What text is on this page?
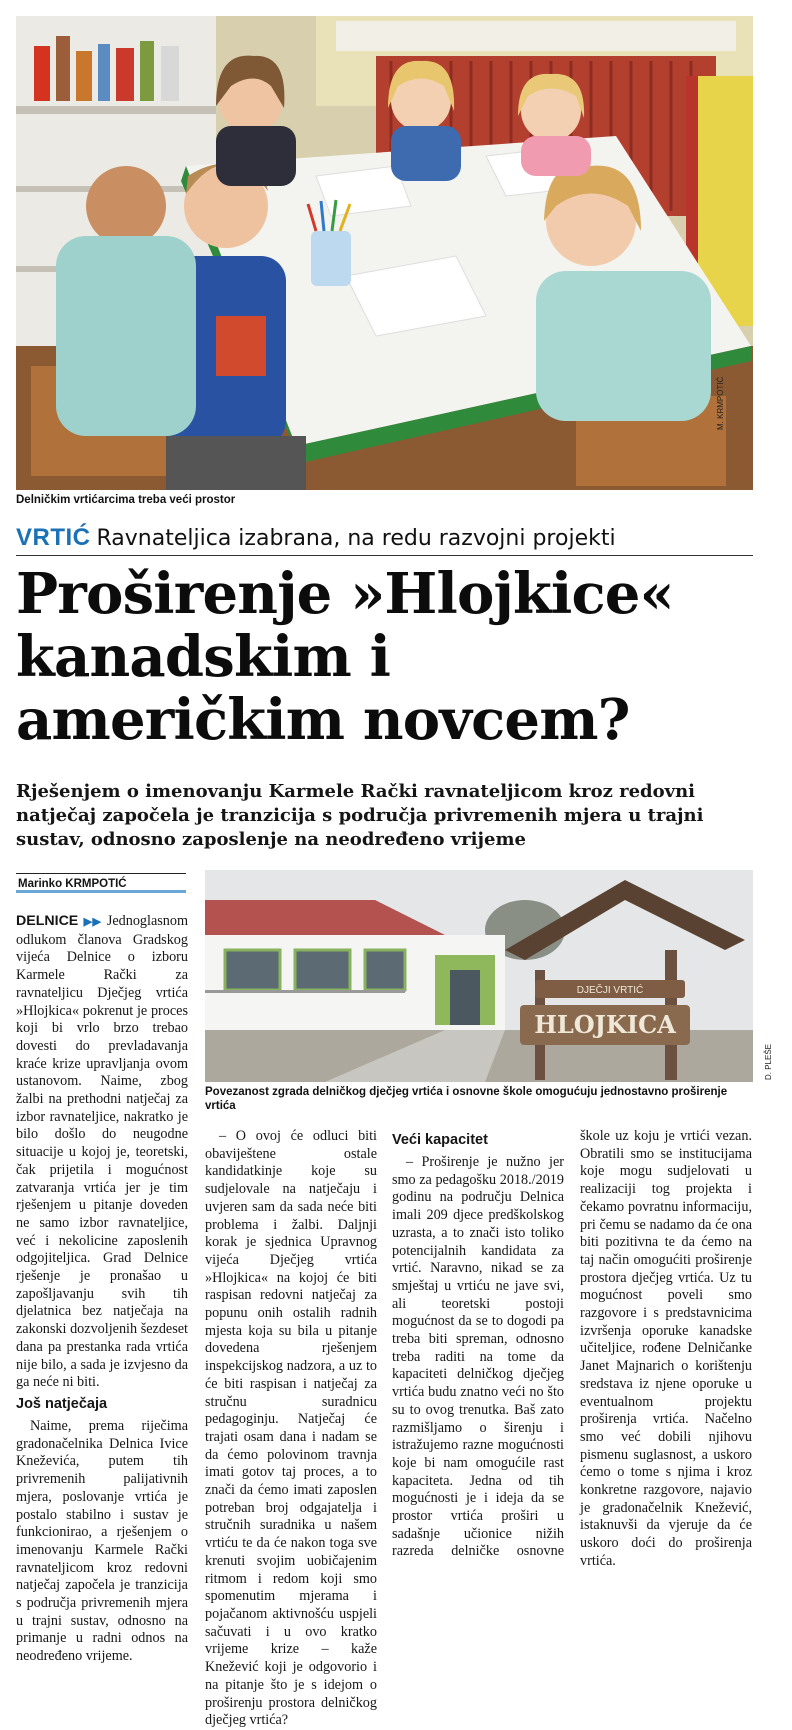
M. KRMPOTIĆ
Delničkim vrtićarcima treba veći prostor
VRTIĆ Ravnateljica izabrana, na redu razvojni projekti
Proširenje »Hlojkice«
kanadskim i
američkim novcem?
Rješenjem o imenovanju Karmele Rački ravnateljicom kroz redovni natječaj započela je tranzicija s područja privremenih mjera u trajni sustav, odnosno zaposlenje na neodređeno vrijeme
Marinko KRMPOTIĆ
DJEČJI VRTIĆ
HLOJKICA
D. PLEŠE
Povezanost zgrada delničkog dječjeg vrtića i osnovne škole omogućuju jednostavno proširenje vrtića

DELNICE ▶▶ Jednoglasnom odlukom članova Gradskog vijeća Delnice o izboru Karmele Rački za ravnateljicu Dječjeg vrtića »Hlojkica« pokrenut je proces koji bi vrlo brzo trebao dovesti do prevladavanja kraće krize upravljanja ovom ustanovom. Naime, zbog žalbi na prethodni natječaj za izbor ravnateljice, nakratko je bilo došlo do neugodne situacije u kojoj je, teoretski, čak prijetila i mogućnost zatvaranja vrtića jer je tim rješenjem u pitanje doveden ne samo izbor ravnateljice, već i nekolicine zaposlenih odgojiteljica. Grad Delnice rješenje je pronašao u zapošljavanju svih tih djelatnica bez natječaja na zakonski dozvoljenih šezdeset dana pa prestanka rada vrtića nije bilo, a sada je izvjesno da ga neće ni biti.

Još natječaja

Naime, prema riječima gradonačelnika Delnica Ivice Kneževića, putem tih privremenih palijativnih mjera, poslovanje vrtića je postalo stabilno i sustav je funkcionirao, a rješenjem o imenovanju Karmele Rački ravnateljicom kroz redovni natječaj započela je tranzicija s područja privremenih mjera u trajni sustav, odnosno na primanje u radni odnos na neodređeno vrijeme.

– O ovoj će odluci biti obaviještene ostale kandidatkinje koje su sudjelovale na natječaju i uvjeren sam da sada neće biti problema i žalbi. Daljnji korak je sjednica Upravnog vijeća Dječjeg vrtića »Hlojkica« na kojoj će biti raspisan redovni natječaj za popunu onih ostalih radnih mjesta koja su bila u pitanje dovedena rješenjem inspekcijskog nadzora, a uz to će biti raspisan i natječaj za stručnu suradnicu pedagoginju. Natječaj će trajati osam dana i nadam se da ćemo polovinom travnja imati gotov taj proces, a to znači da ćemo imati zaposlen potreban broj odgajatelja i stručnih suradnika u našem vrtiću te da će nakon toga sve krenuti svojim uobičajenim ritmom i redom koji smo spomenutim mjerama i pojačanom aktivnošću uspjeli sačuvati i u ovo kratko vrijeme krize – kaže Knežević koji je odgovorio i na pitanje što je s idejom o proširenju prostora delničkog dječjeg vrtića?

Veći kapacitet

– Proširenje je nužno jer smo za pedagošku 2018./2019 godinu na području Delnica imali 209 djece predškolskog uzrasta, a to znači isto toliko potencijalnih kandidata za vrtić. Naravno, nikad se za smještaj u vrtiću ne jave svi, ali teoretski postoji mogućnost da se to dogodi pa treba biti spreman, odnosno treba raditi na tome da kapaciteti delničkog dječjeg vrtića budu znatno veći no što su to ovog trenutka. Baš zato razmišljamo o širenju i istražujemo razne mogućnosti koje bi nam omogućile rast kapaciteta. Jedna od tih mogućnosti je i ideja da se prostor vrtića proširi u sadašnje učionice nižih razreda delničke osnovne škole uz koju je vrtići vezan. Obratili smo se institucijama koje mogu sudjelovati u realizaciji tog projekta i čekamo povratnu informaciju, pri čemu se nadamo da će ona biti pozitivna te da ćemo na taj način omogućiti proširenje prostora dječjeg vrtića. Uz tu mogućnost poveli smo razgovore i s predstavnicima izvršenja oporuke kanadske učiteljice, rođene Delničanke Janet Majnarich o korištenju sredstava iz njene oporuke u eventualnom projektu proširenja vrtića. Načelno smo već dobili njihovu pismenu suglasnost, a uskoro ćemo o tome s njima i kroz konkretne razgovore, najavio je gradonačelnik Knežević, istaknuvši da vjeruje da će uskoro doći do proširenja vrtića.
